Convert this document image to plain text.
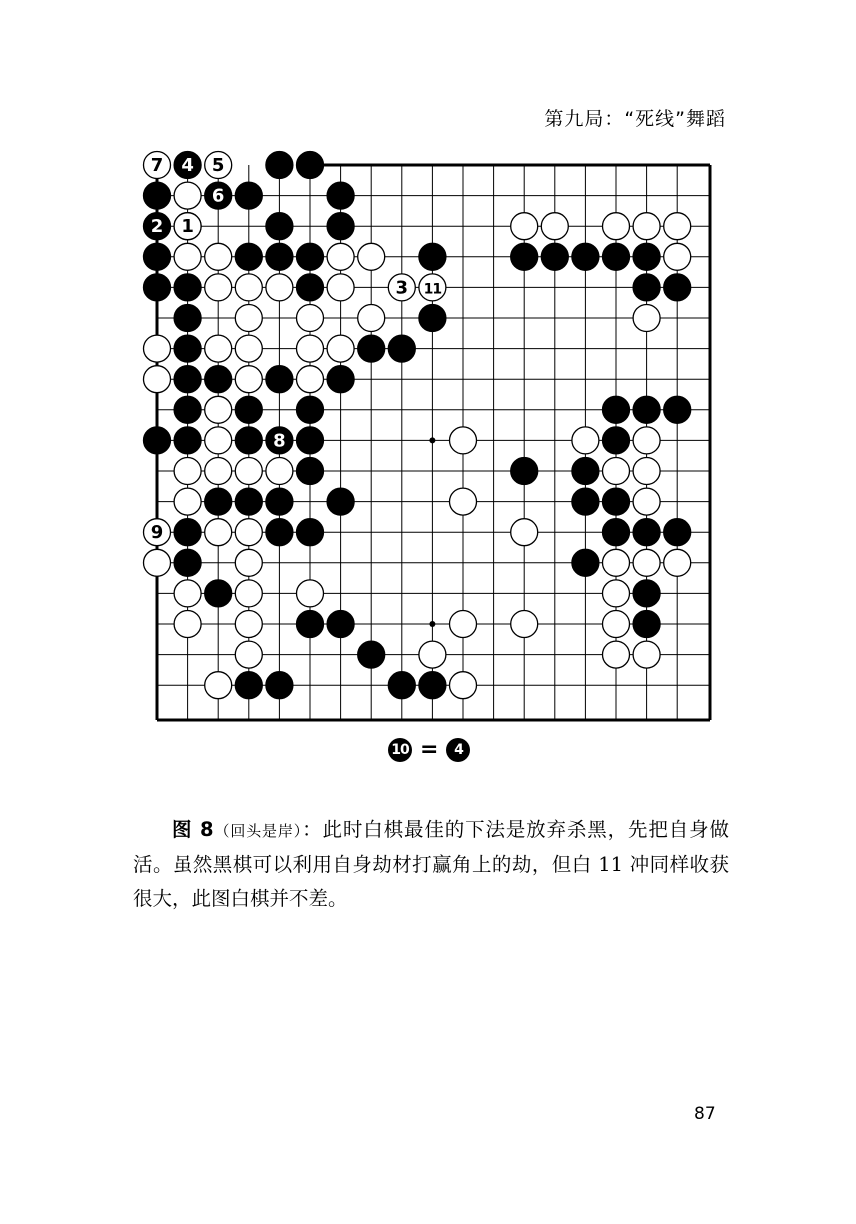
第九局：“死线”舞蹈
1
2
3
4 5
6
7
8
9
11
10 =	4

图 8（回头是岸）：此时白棋最佳的下法是放弃杀黑，先把自身做活。虽然黑棋可以利用自身劫材打赢角上的劫，但白 11 冲同样收获很大，此图白棋并不差。

87
